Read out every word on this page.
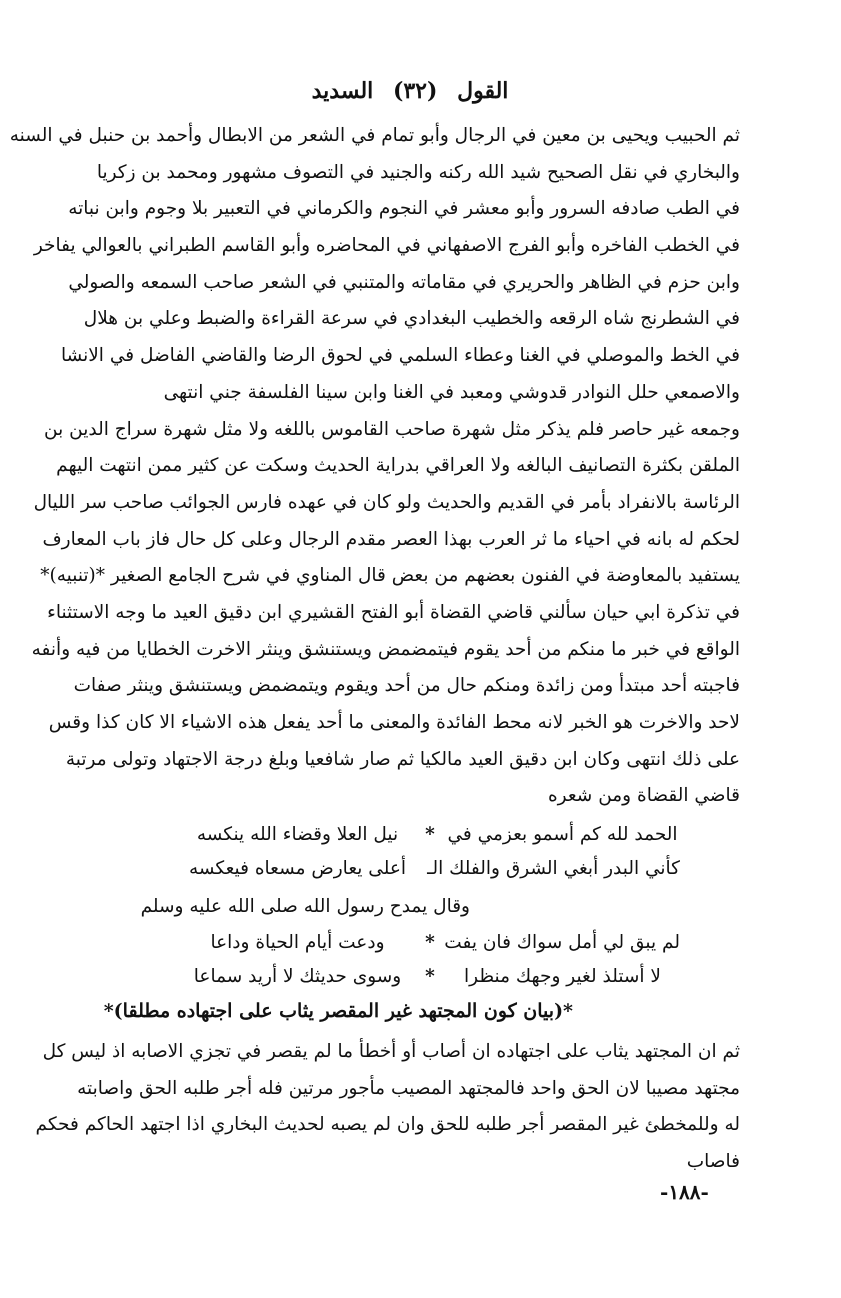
القول (٣٢) السديد
ثم الحبيب ويحيى بن معين في الرجال وأبو تمام في الشعر من الابطال وأحمد بن حنبل في السنه
والبخاري في نقل الصحيح شيد الله ركنه والجنيد في التصوف مشهور ومحمد بن زكريا
في الطب صادفه السرور وأبو معشر في النجوم والكرماني في التعبير بلا وجوم وابن نباته
في الخطب الفاخره وأبو الفرج الاصفهاني في المحاضره وأبو القاسم الطبراني بالعوالي يفاخر
وابن حزم في الظاهر والحريري في مقاماته والمتنبي في الشعر صاحب السمعه والصولي
في الشطرنج شاه الرقعه والخطيب البغدادي في سرعة القراءة والضبط وعلي بن هلال
في الخط والموصلي في الغنا وعطاء السلمي في لحوق الرضا والقاضي الفاضل في الانشا
والاصمعي حلل النوادر قدوشي ومعبد في الغنا وابن سينا الفلسفة جني انتهى
وجمعه غير حاصر فلم يذكر مثل شهرة صاحب القاموس باللغه ولا مثل شهرة سراج الدين بن
الملقن بكثرة التصانيف البالغه ولا العراقي بدراية الحديث وسكت عن كثير ممن انتهت اليهم
الرئاسة بالانفراد بأمر في القديم والحديث ولو كان في عهده فارس الجوائب صاحب سر الليال
لحكم له بانه في احياء ما ثر العرب بهذا العصر مقدم الرجال وعلى كل حال فاز باب المعارف
يستفيد بالمعاوضة في الفنون بعضهم من بعض قال المناوي في شرح الجامع الصغير *(تنبيه)*
في تذكرة ابي حيان سألني قاضي القضاة أبو الفتح القشيري ابن دقيق العيد ما وجه الاستثناء
الواقع في خبر ما منكم من أحد يقوم فيتمضمض ويستنشق وينثر الاخرت الخطايا من فيه وأنفه
فاجبته أحد مبتدأ ومن زائدة ومنكم حال من أحد ويقوم ويتمضمض ويستنشق وينثر صفات
لاحد والاخرت هو الخبر لانه محط الفائدة والمعنى ما أحد يفعل هذه الاشياء الا كان كذا وقس
على ذلك انتهى وكان ابن دقيق العيد مالكيا ثم صار شافعيا وبلغ درجة الاجتهاد وتولى مرتبة
قاضي القضاة ومن شعره
الحمد لله كم أسمو بعزمي في
*
نيل العلا وقضاء الله ينكسه
كأني البدر أبغي الشرق والفلك الـ
أعلى يعارض مسعاه فيعكسه
وقال يمدح رسول الله صلى الله عليه وسلم
لم يبق لي أمل سواك فان يفت
*
ودعت أيام الحياة وداعا
لا أستلذ لغير وجهك منظرا
*
وسوى حديثك لا أريد سماعا
*(بيان كون المجتهد غير المقصر يثاب على اجتهاده مطلقا)*
ثم ان المجتهد يثاب على اجتهاده ان أصاب أو أخطأ ما لم يقصر في تجزي الاصابه اذ ليس كل
مجتهد مصيبا لان الحق واحد فالمجتهد المصيب مأجور مرتين فله أجر طلبه الحق واصابته
له وللمخطئ غير المقصر أجر طلبه للحق وان لم يصبه لحديث البخاري اذا اجتهد الحاكم فحكم
فاصاب
-١٨٨-
